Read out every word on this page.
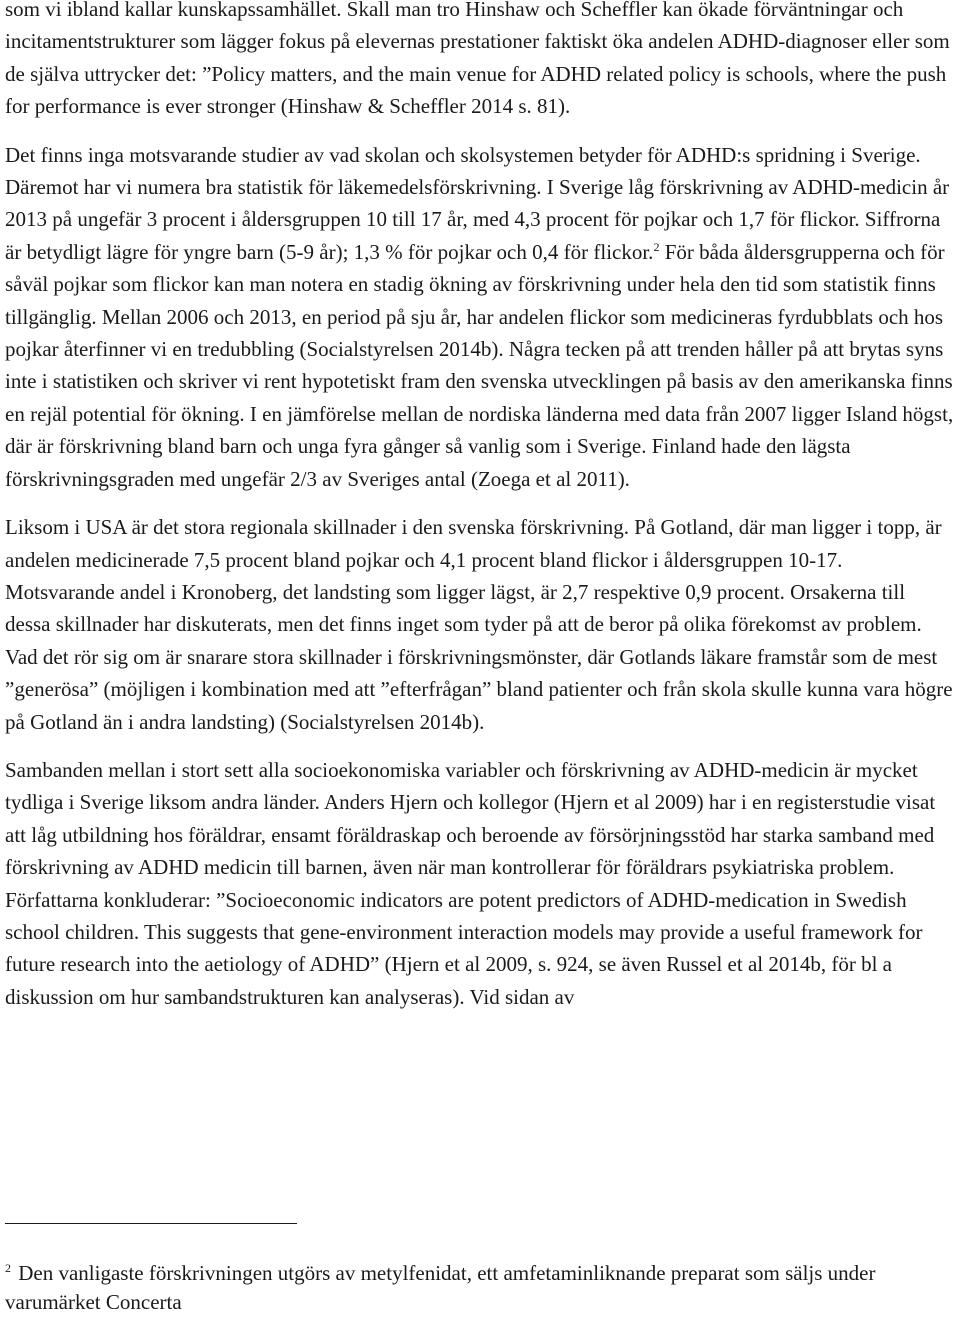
som vi ibland kallar kunskapssamhället. Skall man tro Hinshaw och Scheffler kan ökade förväntningar och incitamentstrukturer som lägger fokus på elevernas prestationer faktiskt öka andelen ADHD-diagnoser eller som de själva uttrycker det: ”Policy matters, and the main venue for ADHD related policy is schools, where the push for performance is ever stronger (Hinshaw & Scheffler 2014 s. 81).

Det finns inga motsvarande studier av vad skolan och skolsystemen betyder för ADHD:s spridning i Sverige. Däremot har vi numera bra statistik för läkemedelsförskrivning. I Sverige låg förskrivning av ADHD-medicin år 2013 på ungefär 3 procent i åldersgruppen 10 till 17 år, med 4,3 procent för pojkar och 1,7 för flickor. Siffrorna är betydligt lägre för yngre barn (5-9 år); 1,3 % för pojkar och 0,4 för flickor.$^2$ För båda åldersgrupperna och för såväl pojkar som flickor kan man notera en stadig ökning av förskrivning under hela den tid som statistik finns tillgänglig. Mellan 2006 och 2013, en period på sju år, har andelen flickor som medicineras fyrdubblats och hos pojkar återfinner vi en tredubbling (Socialstyrelsen 2014b). Några tecken på att trenden håller på att brytas syns inte i statistiken och skriver vi rent hypotetiskt fram den svenska utvecklingen på basis av den amerikanska finns en rejäl potential för ökning. I en jämförelse mellan de nordiska länderna med data från 2007 ligger Island högst, där är förskrivning bland barn och unga fyra gånger så vanlig som i Sverige. Finland hade den lägsta förskrivningsgraden med ungefär 2/3 av Sveriges antal (Zoega et al 2011).

Liksom i USA är det stora regionala skillnader i den svenska förskrivning. På Gotland, där man ligger i topp, är andelen medicinerade 7,5 procent bland pojkar och 4,1 procent bland flickor i åldersgruppen 10-17. Motsvarande andel i Kronoberg, det landsting som ligger lägst, är 2,7 respektive 0,9 procent. Orsakerna till dessa skillnader har diskuterats, men det finns inget som tyder på att de beror på olika förekomst av problem. Vad det rör sig om är snarare stora skillnader i förskrivningsmönster, där Gotlands läkare framstår som de mest ”generösa” (möjligen i kombination med att ”efterfrågan” bland patienter och från skola skulle kunna vara högre på Gotland än i andra landsting) (Socialstyrelsen 2014b).

Sambanden mellan i stort sett alla socioekonomiska variabler och förskrivning av ADHD-medicin är mycket tydliga i Sverige liksom andra länder. Anders Hjern och kollegor (Hjern et al 2009) har i en registerstudie visat att låg utbildning hos föräldrar, ensamt föräldraskap och beroende av försörjningsstöd har starka samband med förskrivning av ADHD medicin till barnen, även när man kontrollerar för föräldrars psykiatriska problem. Författarna konkluderar: ”Socioeconomic indicators are potent predictors of ADHD-medication in Swedish school children. This suggests that gene-environment interaction models may provide a useful framework for future research into the aetiology of ADHD” (Hjern et al 2009, s. 924, se även Russel et al 2014b, för bl a diskussion om hur sambandstrukturen kan analyseras). Vid sidan av

$^2$ Den vanligaste förskrivningen utgörs av metylfenidat, ett amfetaminliknande preparat som säljs under varumärket Concerta
